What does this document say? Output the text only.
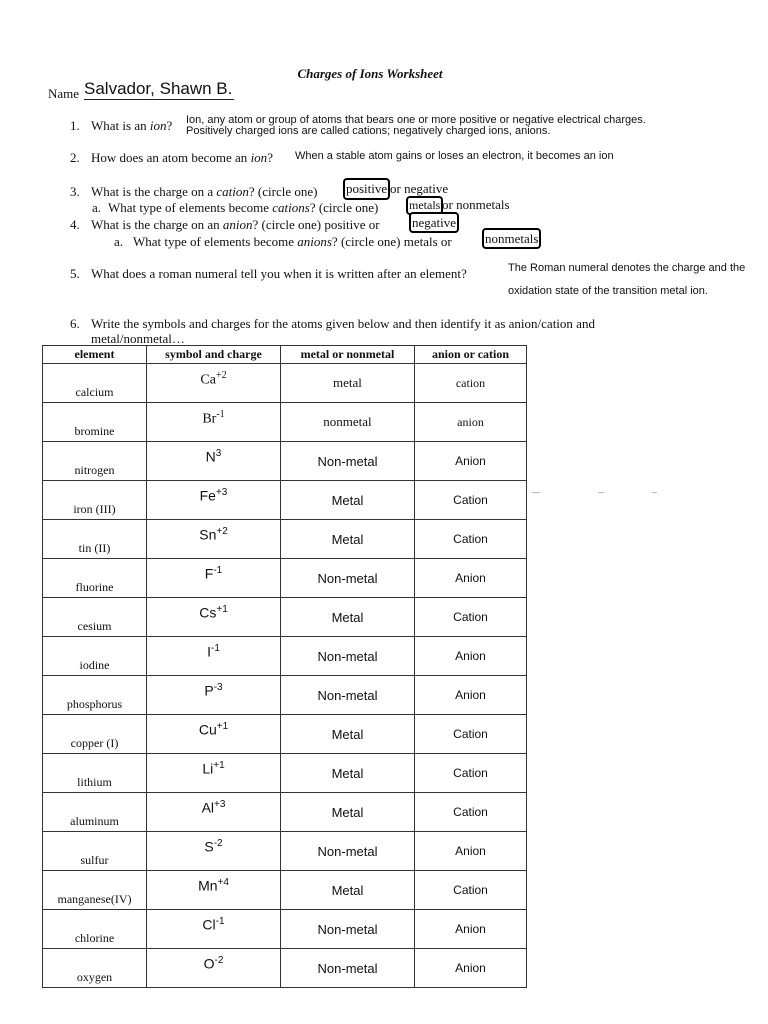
Charges of Ions Worksheet
Name Salvador, Shawn B.
1. What is an ion? Ion, any atom or group of atoms that bears one or more positive or negative electrical charges.
Positively charged ions are called cations; negatively charged ions, anions.
2. How does an atom become an ion? When a stable atom gains or loses an electron, it becomes an ion
3. What is the charge on a cation? (circle one) positive or negative
a. What type of elements become cations? (circle one)	metals or nonmetals
4. What is the charge on an anion? (circle one) positive or negative
a. What type of elements become anions? (circle one) metals or	nonmetals
5. What does a roman numeral tell you when it is written after an element?	The Roman numeral denotes the charge and the
oxidation state of the transition metal ion.
6. Write the symbols and charges for the atoms given below and then identify it as anion/cation and
metal/nonmetal…
element	symbol and charge	metal or nonmetal	anion or cation
calcium	$Ca^{+2}$	metal	cation
bromine	$Br^{-1}$	nonmetal	anion
nitrogen	$N^3$	Non-metal	Anion
iron (III)	$Fe^{+3}$	Metal	Cation
tin (II)	$Sn^{+2}$	Metal	Cation
fluorine	$F^{-1}$	Non-metal	Anion
cesium	$Cs^{+1}$	Metal	Cation
iodine	$I^{-1}$	Non-metal	Anion
phosphorus	$P^{-3}$	Non-metal	Anion
copper (I)	$Cu^{+1}$	Metal	Cation
lithium	$Li^{+1}$	Metal	Cation
aluminum	$Al^{+3}$	Metal	Cation
sulfur	$S^{-2}$	Non-metal	Anion
manganese(IV)	$Mn^{+4}$	Metal	Cation
chlorine	$Cl^{-1}$	Non-metal	Anion
oxygen	$O^{-2}$	Non-metal	Anion
